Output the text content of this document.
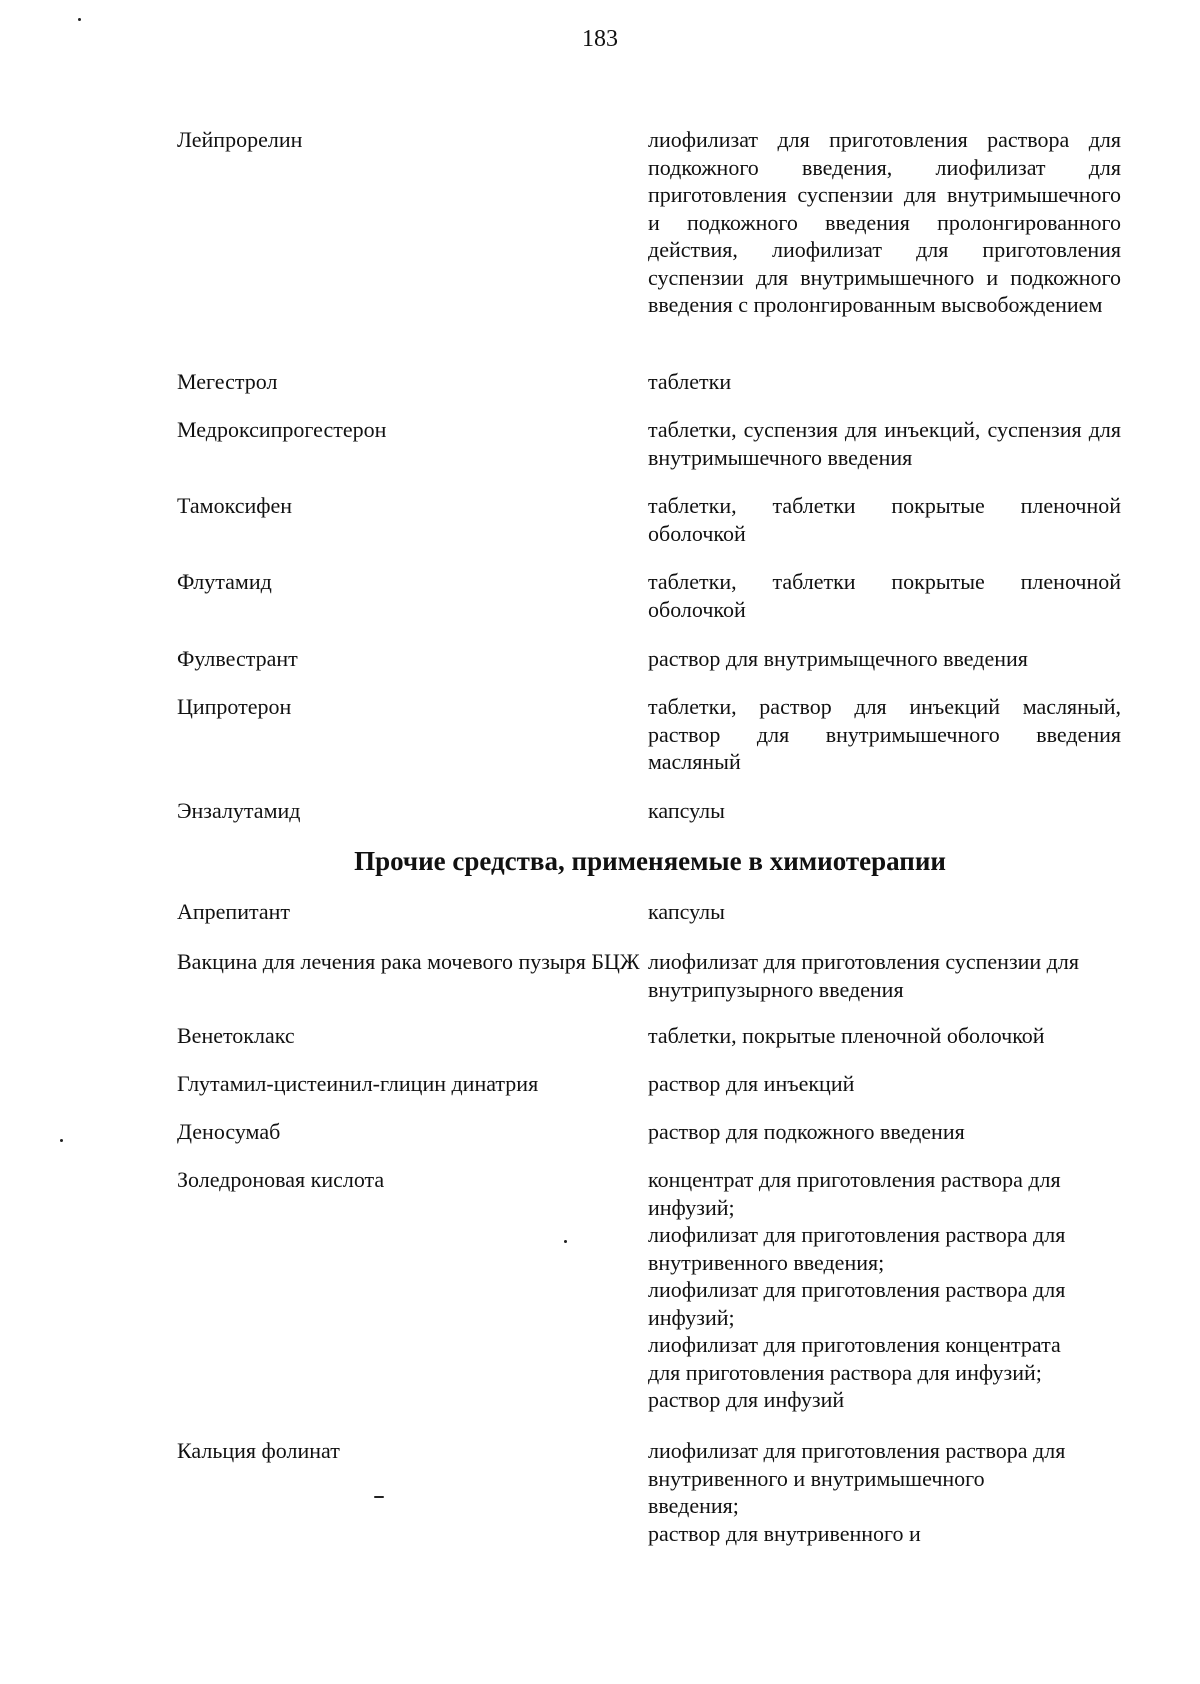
183
Лейпрорелин	лиофилизат для приготовления раствора для подкожного введения, лиофилизат для приготовления суспензии для внутримышечного и подкожного введения пролонгированного действия, лиофилизат для приготовления суспензии для внутримышечного и подкожного введения с пролонгированным высвобождением
Мегестрол	таблетки
Медроксипрогестерон	таблетки, суспензия для инъекций, суспензия для внутримышечного введения
Тамоксифен	таблетки, таблетки покрытые пленочной оболочкой
Флутамид	таблетки, таблетки покрытые пленочной оболочкой
Фулвестрант	раствор для внутримыщечного введения
Ципротерон	таблетки, раствор для инъекций масляный, раствор для внутримышечного введения масляный
Энзалутамид	капсулы
Прочие средства, применяемые в химиотерапии
Апрепитант	капсулы
Вакцина для лечения рака мочевого пузыря БЦЖ лиофилизат для приготовления суспензии для внутрипузырного введения
Венетоклакс	таблетки, покрытые пленочной оболочкой
Глутамил-цистеинил-глицин динатрия	раствор для инъекций
Деносумаб	раствор для подкожного введения
Золедроновая кислота	концентрат для приготовления раствора для
инфузий;
лиофилизат для приготовления раствора для
внутривенного введения;
лиофилизат для приготовления раствора для
инфузий;
лиофилизат для приготовления концентрата
для приготовления раствора для инфузий;
раствор для инфузий
Кальция фолинат	лиофилизат для приготовления раствора для
внутривенного и внутримышечного
введения;
раствор для внутривенного и
